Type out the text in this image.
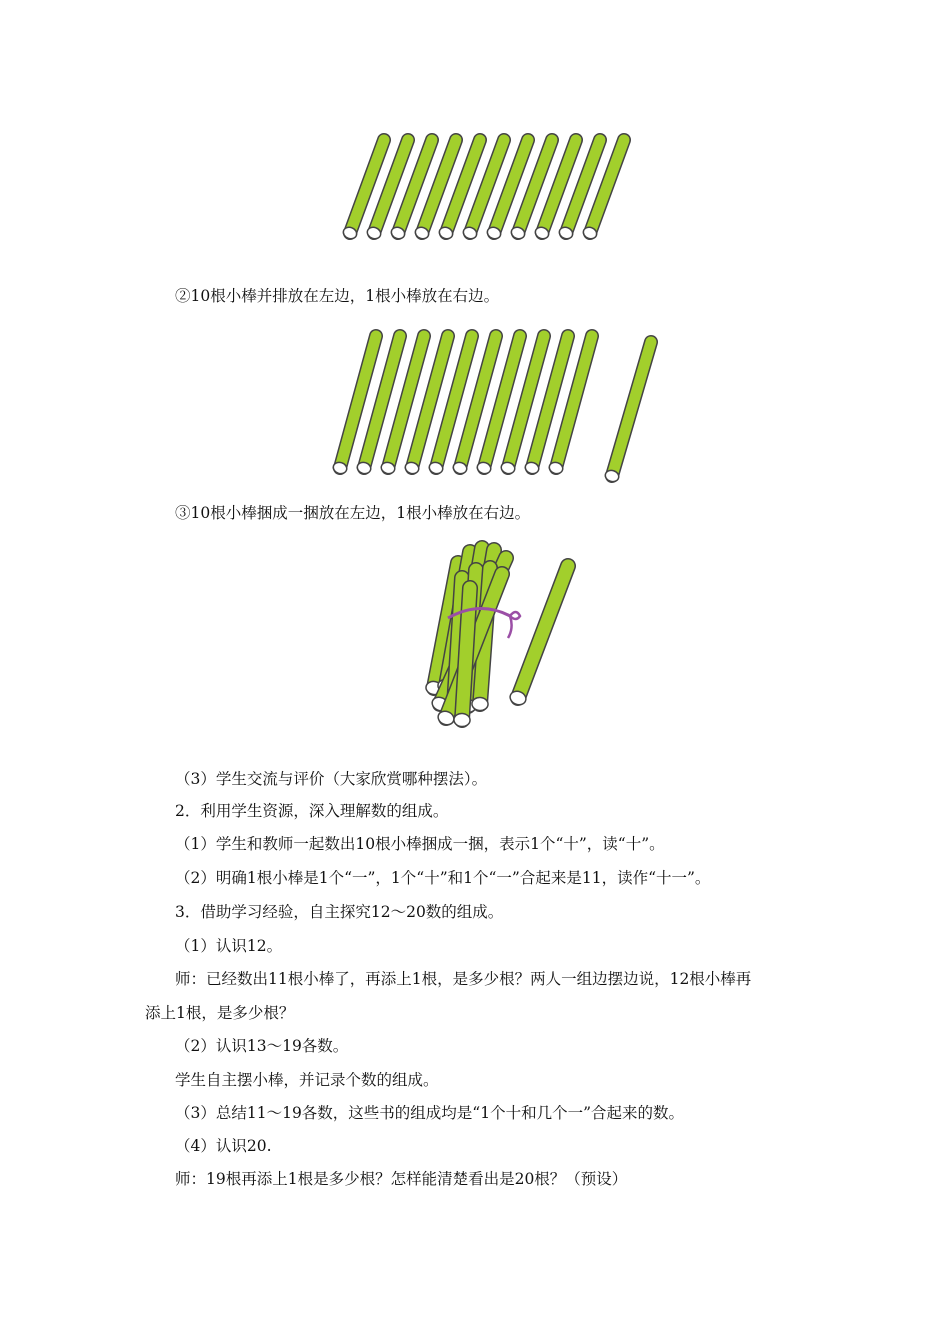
②10根小棒并排放在左边，1根小棒放在右边。
③10根小棒捆成一捆放在左边，1根小棒放在右边。
（3）学生交流与评价（大家欣赏哪种摆法）。
2．利用学生资源，深入理解数的组成。
（1）学生和教师一起数出10根小棒捆成一捆，表示1个“十”，读“十”。
（2）明确1根小棒是1个“一”，1个“十”和1个“一”合起来是11，读作“十一”。
3．借助学习经验，自主探究12～20数的组成。
（1）认识12。
师：已经数出11根小棒了，再添上1根，是多少根？两人一组边摆边说，12根小棒再
添上1根，是多少根？
（2）认识13～19各数。
学生自主摆小棒，并记录个数的组成。
（3）总结11～19各数，这些书的组成均是“1个十和几个一”合起来的数。
（4）认识20.
师：19根再添上1根是多少根？怎样能清楚看出是20根？（预设）
